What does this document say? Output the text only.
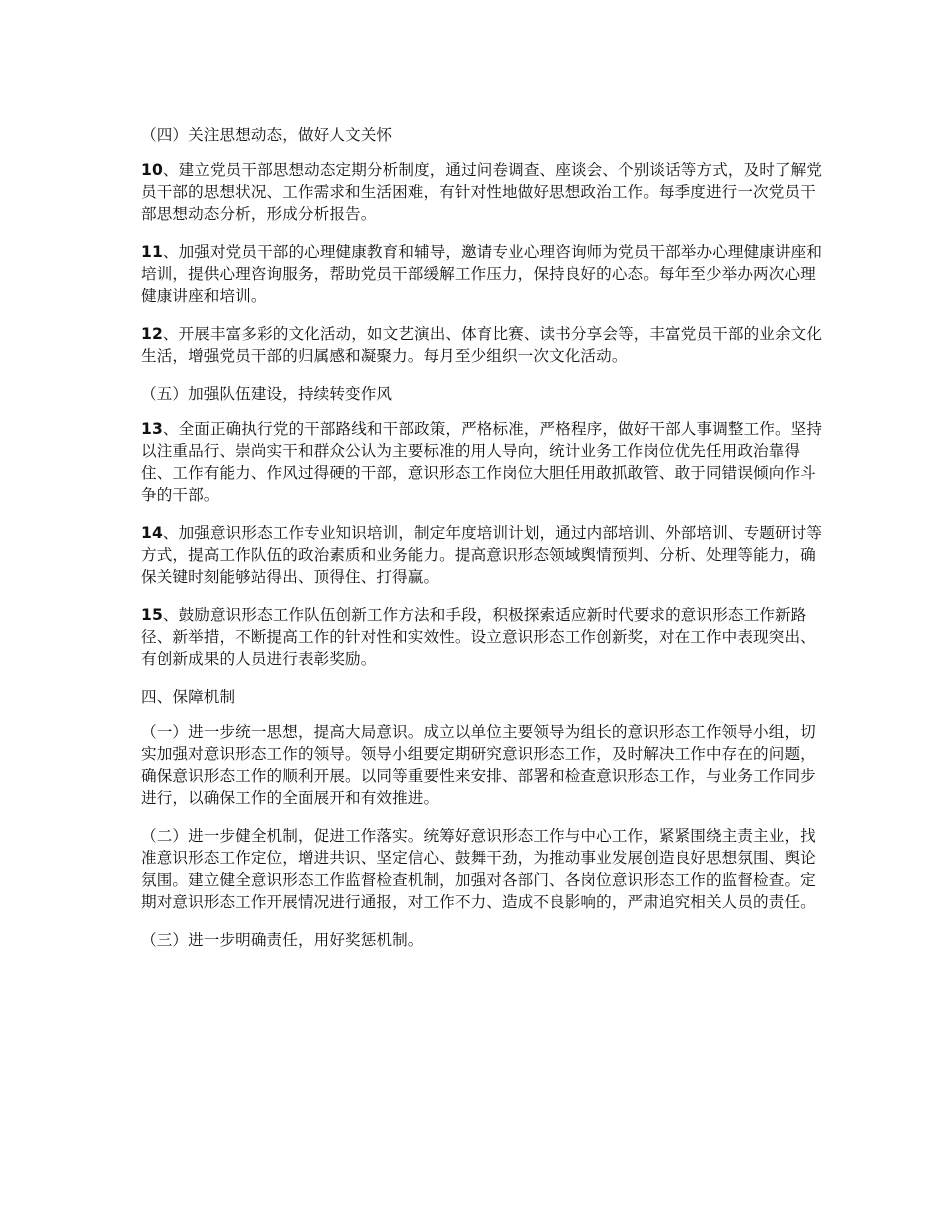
（四）关注思想动态，做好人文关怀

10、建立党员干部思想动态定期分析制度，通过问卷调查、座谈会、个别谈话等方式，及时了解党员干部的思想状况、工作需求和生活困难，有针对性地做好思想政治工作。每季度进行一次党员干部思想动态分析，形成分析报告。

11、加强对党员干部的心理健康教育和辅导，邀请专业心理咨询师为党员干部举办心理健康讲座和培训，提供心理咨询服务，帮助党员干部缓解工作压力，保持良好的心态。每年至少举办两次心理健康讲座和培训。

12、开展丰富多彩的文化活动，如文艺演出、体育比赛、读书分享会等，丰富党员干部的业余文化生活，增强党员干部的归属感和凝聚力。每月至少组织一次文化活动。

（五）加强队伍建设，持续转变作风

13、全面正确执行党的干部路线和干部政策，严格标准，严格程序，做好干部人事调整工作。坚持以注重品行、崇尚实干和群众公认为主要标准的用人导向，统计业务工作岗位优先任用政治靠得住、工作有能力、作风过得硬的干部，意识形态工作岗位大胆任用敢抓敢管、敢于同错误倾向作斗争的干部。

14、加强意识形态工作专业知识培训，制定年度培训计划，通过内部培训、外部培训、专题研讨等方式，提高工作队伍的政治素质和业务能力。提高意识形态领域舆情预判、分析、处理等能力，确保关键时刻能够站得出、顶得住、打得赢。

15、鼓励意识形态工作队伍创新工作方法和手段，积极探索适应新时代要求的意识形态工作新路径、新举措，不断提高工作的针对性和实效性。设立意识形态工作创新奖，对在工作中表现突出、有创新成果的人员进行表彰奖励。

四、保障机制

（一）进一步统一思想，提高大局意识。成立以单位主要领导为组长的意识形态工作领导小组，切实加强对意识形态工作的领导。领导小组要定期研究意识形态工作，及时解决工作中存在的问题，确保意识形态工作的顺利开展。以同等重要性来安排、部署和检查意识形态工作，与业务工作同步进行，以确保工作的全面展开和有效推进。

（二）进一步健全机制，促进工作落实。统筹好意识形态工作与中心工作，紧紧围绕主责主业，找准意识形态工作定位，增进共识、坚定信心、鼓舞干劲，为推动事业发展创造良好思想氛围、舆论氛围。建立健全意识形态工作监督检查机制，加强对各部门、各岗位意识形态工作的监督检查。定期对意识形态工作开展情况进行通报，对工作不力、造成不良影响的，严肃追究相关人员的责任。

（三）进一步明确责任，用好奖惩机制。
